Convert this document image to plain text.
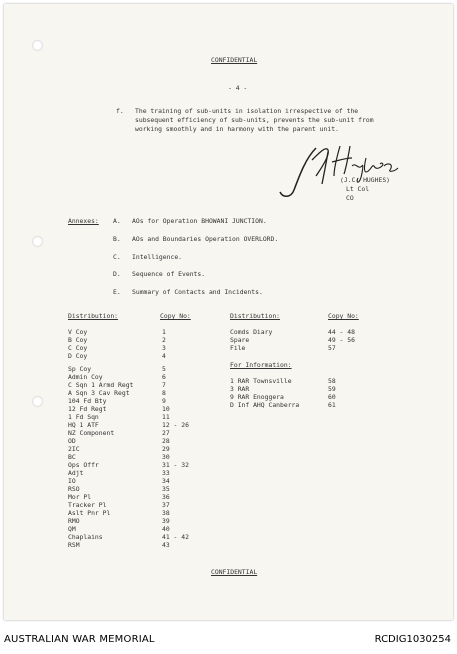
CONFIDENTIAL
- 4 -
f. The training of sub-units in isolation irrespective of the
subsequent efficiency of sub-units, prevents the sub-unit from
working smoothly and in harmony with the parent unit.
(J.C. HUGHES)
Lt Col
CO
Annexes: A. AOs for Operation BHOWANI JUNCTION.
B. AOs and Boundaries Operation OVERLORD.
C. Intelligence.
D. Sequence of Events.
E. Summary of Contacts and Incidents.
Distribution:	Copy No:
V Coy	1
B Coy	2
C Coy	3
D Coy	4
Sp Coy	5
Admin Coy	6
C Sqn 1 Armd Regt	7
A Sqn 3 Cav Regt	8
104 Fd Bty	9
12 Fd Regt	10
1 Fd Sqn	11
HQ 1 ATF	12 - 26
NZ Component	27
OD	28
2IC	29
BC	30
Ops Offr	31 - 32
Adjt	33
IO	34
RSO	35
Mor Pl	36
Tracker Pl	37
Aslt Pnr Pl	38
RMO	39
QM	40
Chaplains	41 - 42
RSM	43
Distribution:	Copy No:
Comds Diary	44 - 48
Spare	49 - 56
File	57
For Information:
1 RAR Townsville	58
3 RAR	59
9 RAR Enoggera	60
D Inf AHQ Canberra	61
CONFIDENTIAL
AUSTRALIAN WAR MEMORIAL	RCDIG1030254
